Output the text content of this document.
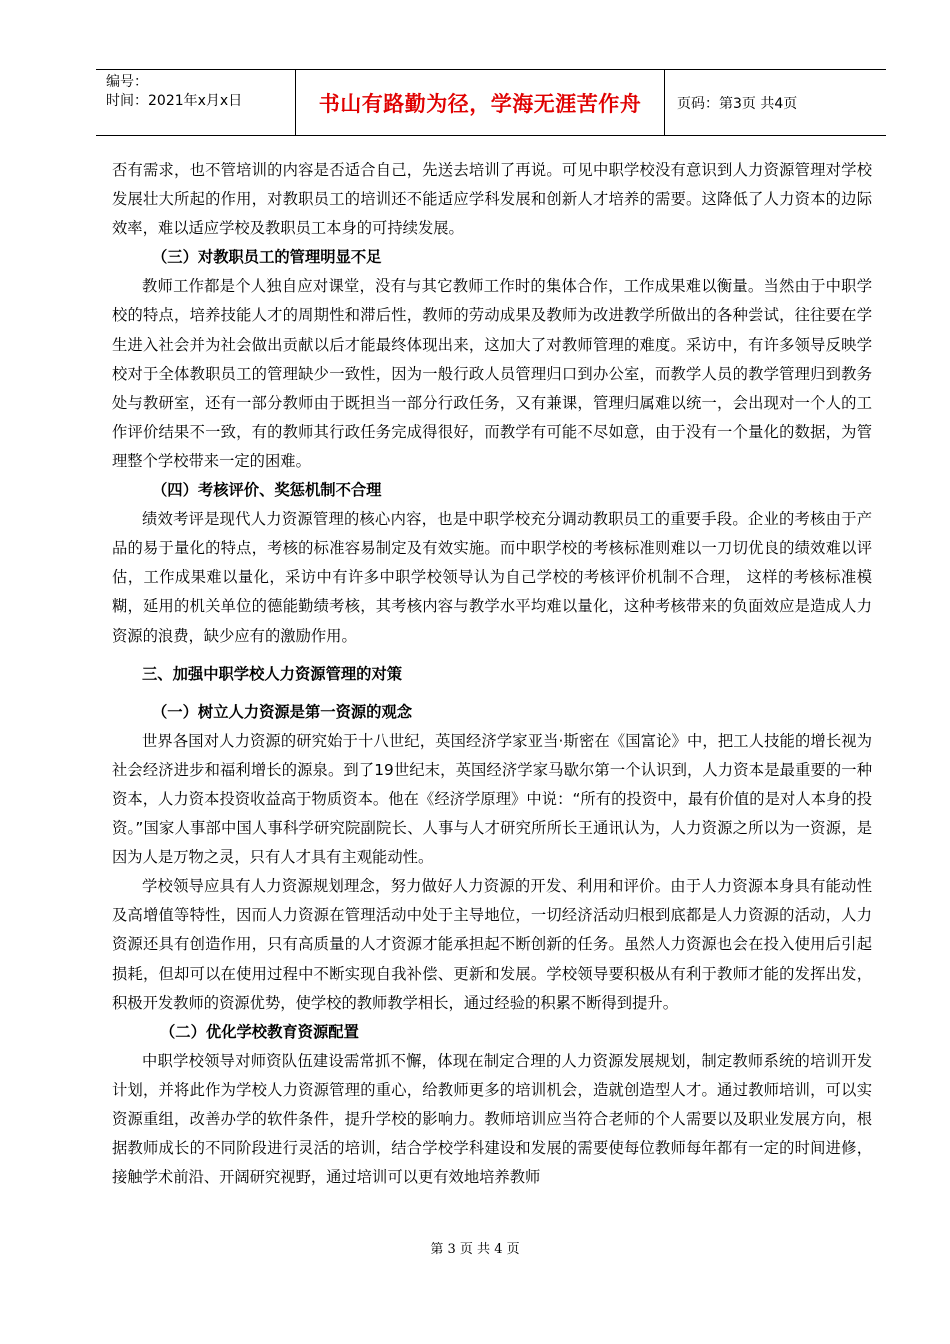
编号：
时间：2021年x月x日	书山有路勤为径，学海无涯苦作舟	页码：第3页 共4页

否有需求，也不管培训的内容是否适合自己，先送去培训了再说。可见中职学校没有意识到人力资源管理对学校发展壮大所起的作用，对教职员工的培训还不能适应学科发展和创新人才培养的需要。这降低了人力资本的边际效率，难以适应学校及教职员工本身的可持续发展。

（三）对教职员工的管理明显不足

教师工作都是个人独自应对课堂，没有与其它教师工作时的集体合作，工作成果难以衡量。当然由于中职学校的特点，培养技能人才的周期性和滞后性，教师的劳动成果及教师为改进教学所做出的各种尝试，往往要在学生进入社会并为社会做出贡献以后才能最终体现出来，这加大了对教师管理的难度。采访中，有许多领导反映学校对于全体教职员工的管理缺少一致性，因为一般行政人员管理归口到办公室，而教学人员的教学管理归到教务处与教研室，还有一部分教师由于既担当一部分行政任务，又有兼课，管理归属难以统一，会出现对一个人的工作评价结果不一致，有的教师其行政任务完成得很好，而教学有可能不尽如意，由于没有一个量化的数据，为管理整个学校带来一定的困难。

（四）考核评价、奖惩机制不合理

绩效考评是现代人力资源管理的核心内容，也是中职学校充分调动教职员工的重要手段。企业的考核由于产品的易于量化的特点，考核的标准容易制定及有效实施。而中职学校的考核标准则难以一刀切优良的绩效难以评估，工作成果难以量化，采访中有许多中职学校领导认为自己学校的考核评价机制不合理， 这样的考核标准模糊，延用的机关单位的德能勤绩考核，其考核内容与教学水平均难以量化，这种考核带来的负面效应是造成人力资源的浪费，缺少应有的激励作用。

三、加强中职学校人力资源管理的对策

（一）树立人力资源是第一资源的观念

世界各国对人力资源的研究始于十八世纪，英国经济学家亚当·斯密在《国富论》中，把工人技能的增长视为社会经济进步和福利增长的源泉。到了19世纪末，英国经济学家马歇尔第一个认识到，人力资本是最重要的一种资本，人力资本投资收益高于物质资本。他在《经济学原理》中说：“所有的投资中，最有价值的是对人本身的投资。”国家人事部中国人事科学研究院副院长、人事与人才研究所所长王通讯认为，人力资源之所以为一资源，是因为人是万物之灵，只有人才具有主观能动性。

学校领导应具有人力资源规划理念，努力做好人力资源的开发、利用和评价。由于人力资源本身具有能动性及高增值等特性，因而人力资源在管理活动中处于主导地位，一切经济活动归根到底都是人力资源的活动，人力资源还具有创造作用，只有高质量的人才资源才能承担起不断创新的任务。虽然人力资源也会在投入使用后引起损耗，但却可以在使用过程中不断实现自我补偿、更新和发展。学校领导要积极从有利于教师才能的发挥出发，积极开发教师的资源优势，使学校的教师教学相长，通过经验的积累不断得到提升。

（二）优化学校教育资源配置

中职学校领导对师资队伍建设需常抓不懈，体现在制定合理的人力资源发展规划，制定教师系统的培训开发计划，并将此作为学校人力资源管理的重心，给教师更多的培训机会，造就创造型人才。通过教师培训，可以实资源重组，改善办学的软件条件，提升学校的影响力。教师培训应当符合老师的个人需要以及职业发展方向，根据教师成长的不同阶段进行灵活的培训，结合学校学科建设和发展的需要使每位教师每年都有一定的时间进修，接触学术前沿、开阔研究视野，通过培训可以更有效地培养教师

第 3 页 共 4 页
